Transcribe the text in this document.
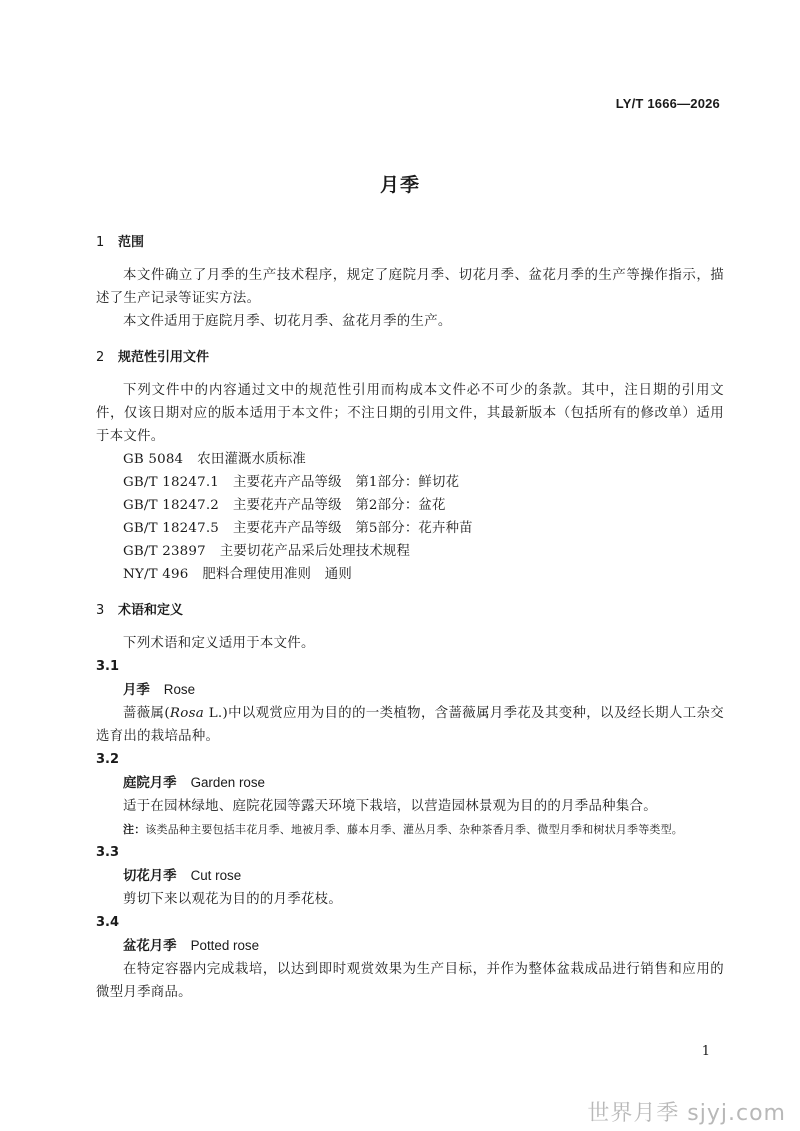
LY/T 1666—2026
月季
1 范围
本文件确立了月季的生产技术程序，规定了庭院月季、切花月季、盆花月季的生产等操作指示，描述了生产记录等证实方法。
本文件适用于庭院月季、切花月季、盆花月季的生产。
2 规范性引用文件
下列文件中的内容通过文中的规范性引用而构成本文件必不可少的条款。其中，注日期的引用文件，仅该日期对应的版本适用于本文件；不注日期的引用文件，其最新版本（包括所有的修改单）适用于本文件。
GB 5084 农田灌溉水质标准
GB/T 18247.1 主要花卉产品等级　第1部分：鲜切花
GB/T 18247.2 主要花卉产品等级　第2部分：盆花
GB/T 18247.5 主要花卉产品等级　第5部分：花卉种苗
GB/T 23897 主要切花产品采后处理技术规程
NY/T 496 肥料合理使用准则　通则
3 术语和定义
下列术语和定义适用于本文件。
3.1
月季 Rose
蔷薇属(Rosa L.)中以观赏应用为目的的一类植物，含蔷薇属月季花及其变种，以及经长期人工杂交选育出的栽培品种。
3.2
庭院月季 Garden rose
适于在园林绿地、庭院花园等露天环境下栽培，以营造园林景观为目的的月季品种集合。
注：该类品种主要包括丰花月季、地被月季、藤本月季、灌丛月季、杂种茶香月季、微型月季和树状月季等类型。
3.3
切花月季 Cut rose
剪切下来以观花为目的的月季花枝。
3.4
盆花月季 Potted rose
在特定容器内完成栽培，以达到即时观赏效果为生产目标，并作为整体盆栽成品进行销售和应用的微型月季商品。
1
世界月季 sjyj.com
